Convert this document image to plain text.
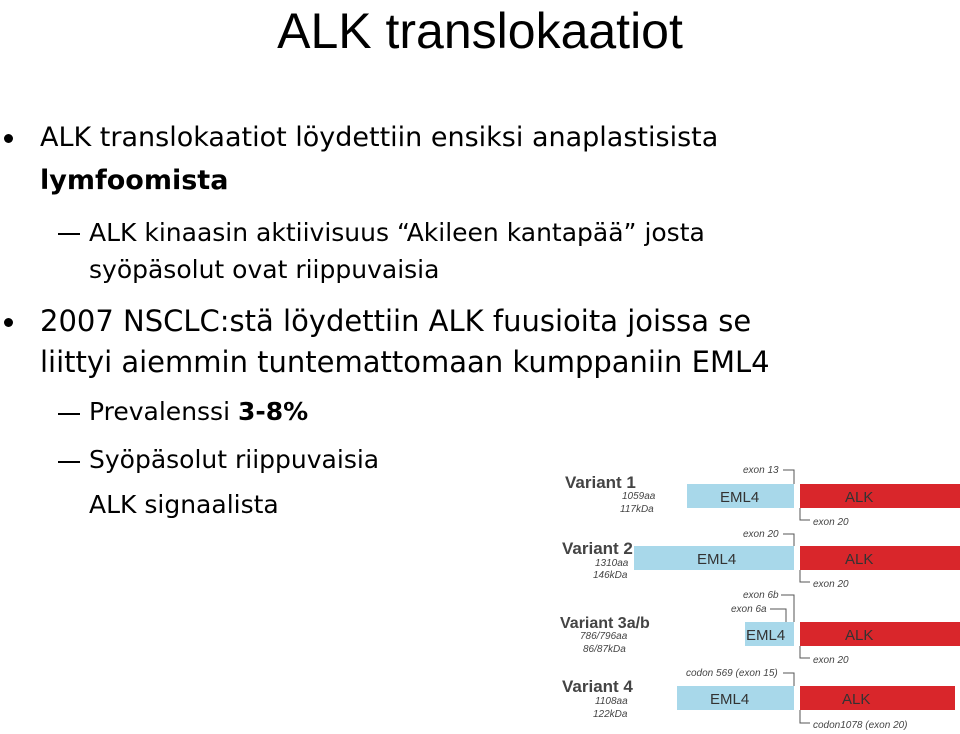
ALK translokaatiot
ALK translokaatiot löydettiin ensiksi anaplastisista
lymfoomista
ALK kinaasin aktiivisuus “Akileen kantapää” josta
syöpäsolut ovat riippuvaisia
2007 NSCLC:stä löydettiin ALK fuusioita joissa se
liittyi aiemmin tuntemattomaan kumppaniin EML4
Prevalenssi 3-8%
Syöpäsolut riippuvaisia
ALK signaalista
Variant 1
1059aa
117kDa
EML4	ALK
exon 13
exon 20
Variant 2
1310aa
146kDa
EML4	ALK
exon 20
exon 20
Variant 3a/b
786/796aa
86/87kDa
EML4	ALK
exon 6b
exon 6a
exon 20
Variant 4
1108aa
122kDa
EML4	ALK
codon 569 (exon 15)
codon1078 (exon 20)
